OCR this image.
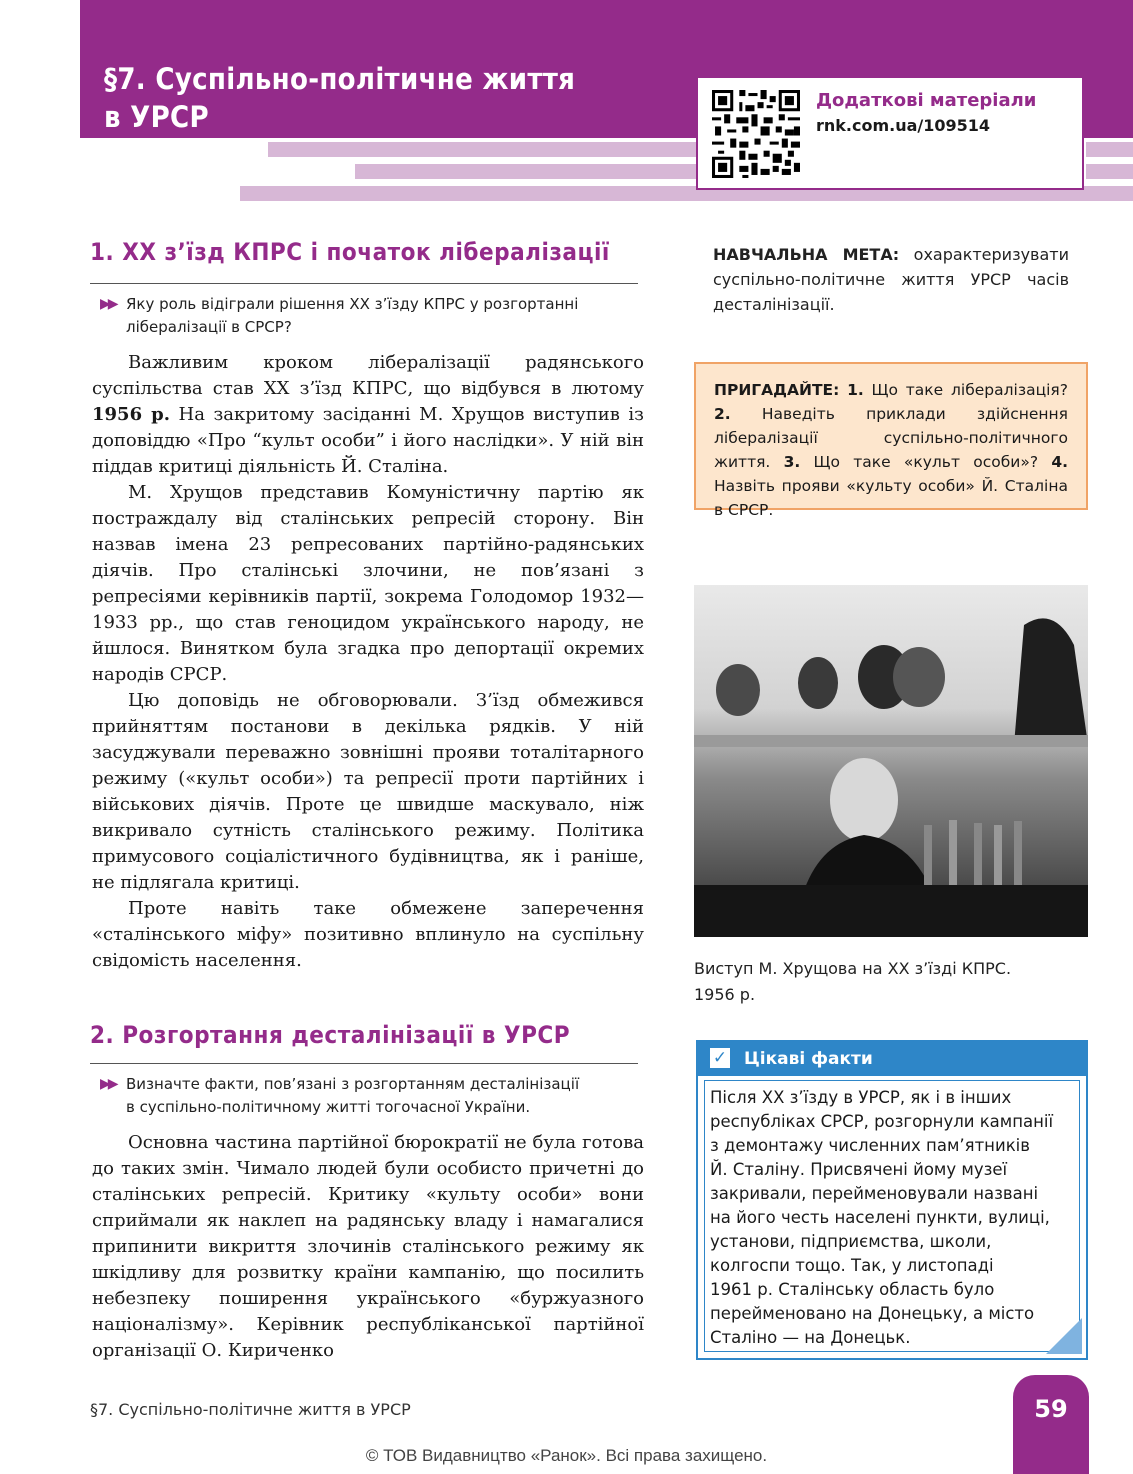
§7. Суспільно-політичне життя
в УРСР	Додаткові матеріали
rnk.com.ua/109514
1. XX з’їзд КПРС і початок лібералізації
▶▶ Яку роль відіграли рішення XX з’їзду КПРС у розгортанні
лібералізації в СРСР?

Важливим кроком лібералізації радянського суспільства став XX з’їзд КПРС, що відбувся в лютому 1956 р. На закритому засіданні М. Хрущов виступив із доповіддю «Про “культ особи” і його наслідки». У ній він піддав критиці діяльність Й. Сталіна.

М. Хрущов представив Комуністичну партію як постраждалу від сталінських репресій сторону. Він назвав імена 23 репресованих партійно-радянських діячів. Про сталінські злочини, не пов’язані з репресіями керівників партії, зокрема Голодомор 1932—1933 рр., що став геноцидом українського народу, не йшлося. Винятком була згадка про депортації окремих народів СРСР.

Цю доповідь не обговорювали. З’їзд обмежився прийняттям постанови в декілька рядків. У ній засуджували переважно зовнішні прояви тоталітарного режиму («культ особи») та репресії проти партійних і військових діячів. Проте це швидше маскувало, ніж викривало сутність сталінського режиму. Політика примусового соціалістичного будівництва, як і раніше, не підлягала критиці.

Проте навіть таке обмежене заперечення «сталінського міфу» позитивно вплинуло на суспільну свідомість населення.

2. Розгортання десталінізації в УРСР
▶▶ Визначте факти, пов’язані з розгортанням десталінізації
в суспільно-політичному житті тогочасної України.

Основна частина партійної бюрократії не була готова до таких змін. Чимало людей були особисто причетні до сталінських репресій. Критику «культу особи» вони сприймали як наклеп на радянську владу і намагалися припинити викриття злочинів сталінського режиму як шкідливу для розвитку країни кампанію, що посилить небезпеку поширення українського «буржуазного націоналізму». Керівник республіканської партійної організації О. Кириченко

НАВЧАЛЬНА МЕТА: охарактеризувати суспільно-політичне життя УРСР часів десталінізації.
ПРИГАДАЙТЕ: 1. Що таке лібералізація? 2. Наведіть приклади здійснення лібералізації суспільно-політичного життя. 3. Що таке «культ особи»? 4. Назвіть прояви «культу особи» Й. Сталіна в СРСР.
Виступ М. Хрущова на XX з’їзді КПРС.
1956 р.
✓ Цікаві факти
Після XX з’їзду в УРСР, як і в інших
республіках СРСР, розгорнули кампанії
з демонтажу численних пам’ятників
Й. Сталіну. Присвячені йому музеї
закривали, перейменовували названі
на його честь населені пункти, вулиці,
установи, підприємства, школи,
колгоспи тощо. Так, у листопаді
1961 р. Сталінську область було
перейменовано на Донецьку, а місто
Сталіно — на Донецьк.
§7. Суспільно-політичне життя в УРСР	59
© ТОВ Видавництво «Ранок». Всі права захищено.
